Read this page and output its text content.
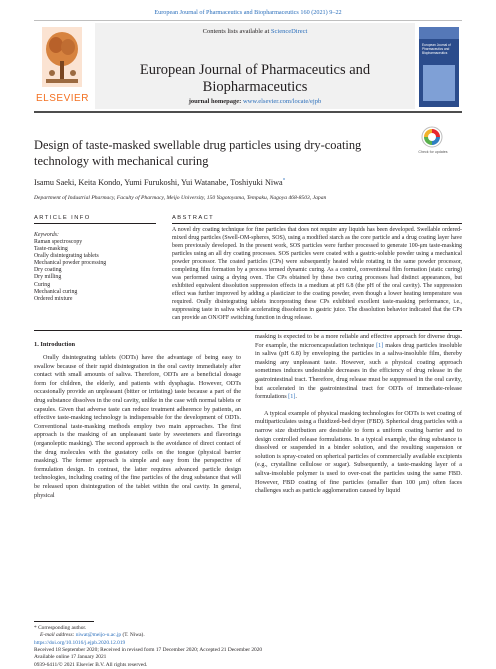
European Journal of Pharmaceutics and Biopharmaceutics 160 (2021) 9–22
ELSEVIER
Contents lists available at ScienceDirect
European Journal of Pharmaceutics and Biopharmaceutics
journal homepage: www.elsevier.com/locate/ejpb
European Journal of Pharmaceutics and Biopharmaceutics
Design of taste-masked swellable drug particles using dry-coating technology with mechanical curing
Check for updates
Isamu Saeki, Keita Kondo, Yumi Furukoshi, Yui Watanabe, Toshiyuki Niwa*
Department of Industrial Pharmacy, Faculty of Pharmacy, Meijo University, 150 Yagotoyama, Tempaku, Nagoya 468-8503, Japan
ARTICLE INFO
Keywords:
Raman spectroscopy
Taste-masking
Orally disintegrating tablets
Mechanical powder processing
Dry coating
Dry milling
Curing
Mechanical curing
Ordered mixture
ABSTRACT
A novel dry coating technique for fine particles that does not require any liquids has been developed. Swellable ordered-mixed drug particles (Swell-OM-spheres, SOS), using a modified starch as the core particle and a drug coating layer have been previously developed. In the present work, SOS particles were further processed to generate 100-μm taste-masking particles using an all dry coating processes. SOS particles were coated with a gastric-soluble powder using a mechanical powder processor. The coated particles (CPs) were subsequently heated while rotating in the same powder processor, completing film formation by a process termed dynamic curing. As a control, conventional film formation (static curing) was performed using a drying oven. The CPs obtained by these two curing processes had distinct appearances, but exhibited equivalent dissolution suppression effects in a medium at pH 6.8 (the pH of the oral cavity). The suppression effect was further improved by adding a plasticizer to the coating powder, even though a lower heating temperature was required. Orally disintegrating tablets incorporating these CPs exhibited excellent taste-masking performance, i.e., suppressing taste in saliva while accelerating dissolution in gastric juice. The dissolution behavior indicated that the CPs can provide an ON/OFF switching function in drug release.
1. Introduction

Orally disintegrating tablets (ODTs) have the advantage of being easy to swallow because of their rapid disintegration in the oral cavity immediately after contact with small amounts of saliva. Therefore, ODTs are a beneficial dosage form for children, the elderly, and patients with dysphagia. However, ODTs occasionally provide an unpleasant (bitter or irritating) taste because a part of the drug substance dissolves in the oral cavity, unlike in the case with normal tablets or capsules. Given that adverse taste can reduce treatment adherence by patients, an effective taste-masking technology is indispensable for the development of ODTs. Conventional taste-masking methods employ two main approaches. The first approach is the masking of an unpleasant taste by sweeteners and flavorings (organoleptic masking). The second approach is the avoidance of direct contact of the drug molecules with the gustatory cells on the tongue (physical barrier masking). The former approach is simple and easy from the perspective of formulation design. In contrast, the latter requires advanced particle design technologies, including coating of the fine particles of the drug substance that will be released upon disintegration of the tablet within the oral cavity. In general, physical

masking is expected to be a more reliable and effective approach for diverse drugs. For example, the microencapsulation technique [1] makes drug particles insoluble in saliva (pH 6.8) by enveloping the particles in a saliva-insoluble film, thereby masking any unpleasant taste. However, such a physical coating approach sometimes induces undesirable decreases in the efficiency of drug release in the gastrointestinal tract. Therefore, drug release must be suppressed in the oral cavity, but accelerated in the gastrointestinal tract for ODTs of immediate-release formulations [1].

A typical example of physical masking technologies for ODTs is wet coating of multiparticulates using a fluidized-bed dryer (FBD). Spherical drug particles with a narrow size distribution are desirable to form a uniform coating barrier and to design controlled release formulations. In a typical example, the drug substance is dissolved or suspended in a binder solution, and the resulting suspension or solution is spray-coated on spherical particles of commercially available excipients (e.g., crystalline cellulose or sugar). Subsequently, a taste-masking layer of a saliva-insoluble polymer is used to over-coat the particles using the same FBD. However, FBD coating of fine particles (smaller than 100 μm) often faces challenges such as particle agglomeration caused by liquid

* Corresponding author.
E-mail address: niwat@meijo-u.ac.jp (T. Niwa).
https://doi.org/10.1016/j.ejpb.2020.12.019
Received 18 September 2020; Received in revised form 17 December 2020; Accepted 21 December 2020
Available online 17 January 2021
0939-6411/© 2021 Elsevier B.V. All rights reserved.
